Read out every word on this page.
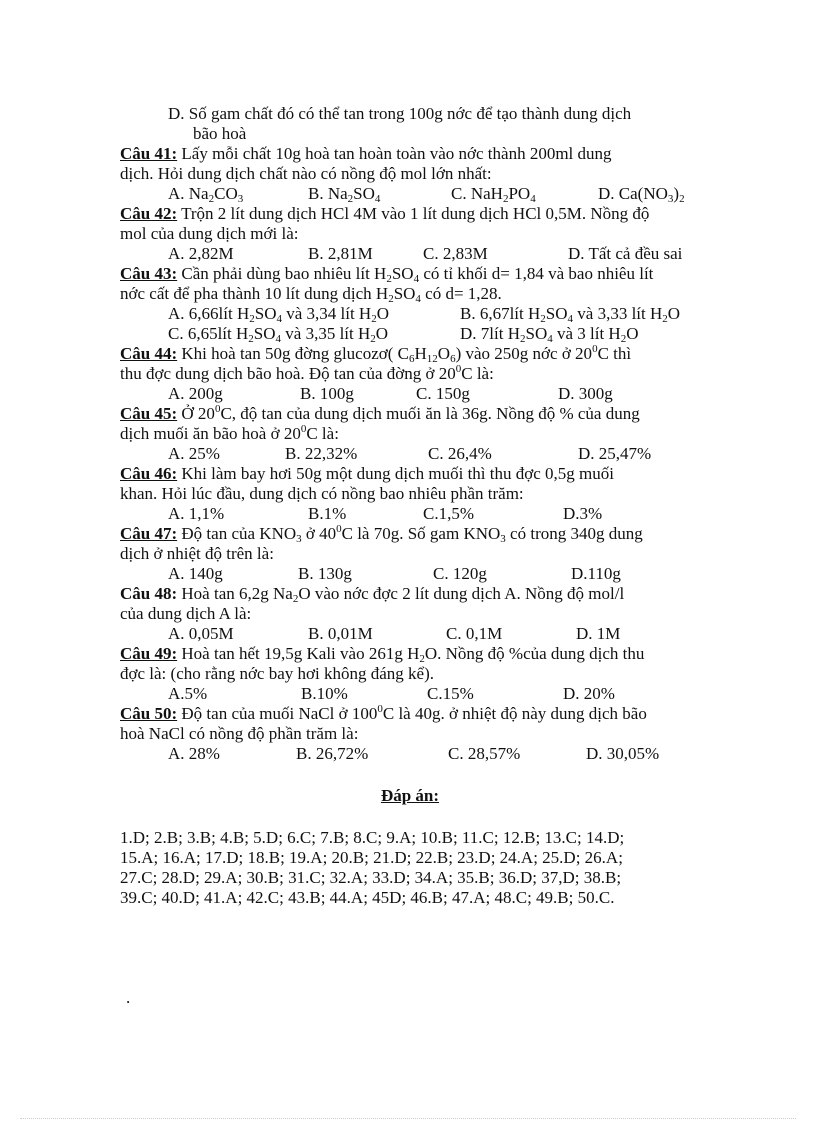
D. Số gam chất đó có thể tan trong 100g nớc để tạo thành dung dịch
bão hoà
Câu 41: Lấy mỗi chất 10g hoà tan hoàn toàn vào nớc thành 200ml dung
dịch. Hỏi dung dịch chất nào có nồng độ mol lớn nhất:
A. $Na_2CO_3$	B. $Na_2SO_4$	C. $NaH_2PO_4$	D. $Ca(NO_3)_2$
Câu 42: Trộn 2 lít dung dịch HCl 4M vào 1 lít dung dịch HCl 0,5M. Nồng độ
mol của dung dịch mới là:
A. 2,82M	B. 2,81M	C. 2,83M	D. Tất cả đều sai
Câu 43: Cần phải dùng bao nhiêu lít $H_2SO_4$ có tỉ khối d= 1,84 và bao nhiêu lít
nớc cất để pha thành 10 lít dung dịch $H_2SO_4$ có d= 1,28.
A. 6,66lít $H_2SO_4$ và 3,34 lít $H_2O$	B. 6,67lít $H_2SO_4$ và 3,33 lít $H_2O$
C. 6,65lít $H_2SO_4$ và 3,35 lít $H_2O$	D. 7lít $H_2SO_4$ và 3 lít $H_2O$
Câu 44: Khi hoà tan 50g đờng glucozơ( $C_6H_{12}O_6$) vào 250g nớc ở $20^0C$ thì
thu đợc dung dịch bão hoà. Độ tan của đờng ở $20^0C$ là:
A. 200g	B. 100g	C. 150g	D. 300g
Câu 45: Ở $20^0C$, độ tan của dung dịch muối ăn là 36g. Nồng độ % của dung
dịch muối ăn bão hoà ở $20^0C$ là:
A. 25%	B. 22,32%	C. 26,4%	D. 25,47%
Câu 46: Khi làm bay hơi 50g một dung dịch muối thì thu đợc 0,5g muối
khan. Hỏi lúc đầu, dung dịch có nồng bao nhiêu phần trăm:
A. 1,1%	B.1%	C.1,5%	D.3%
Câu 47: Độ tan của $KNO_3$ ở $40^0C$ là 70g. Số gam $KNO_3$ có trong 340g dung
dịch ở nhiệt độ trên là:
A. 140g	B. 130g	C. 120g	D.110g
Câu 48: Hoà tan 6,2g $Na_2O$ vào nớc đợc 2 lít dung dịch A. Nồng độ mol/l
của dung dịch A là:
A. 0,05M	B. 0,01M	C. 0,1M	D. 1M
Câu 49: Hoà tan hết 19,5g Kali vào 261g $H_2O$. Nồng độ %của dung dịch thu
đợc là: (cho rằng nớc bay hơi không đáng kể).
A.5%	B.10%	C.15%	D. 20%
Câu 50: Độ tan của muối NaCl ở $100^0C$ là 40g. ở nhiệt độ này dung dịch bão
hoà NaCl có nồng độ phần trăm là:
A. 28%	B. 26,72%	C. 28,57%	D. 30,05%
Đáp án:
1.D; 2.B; 3.B; 4.B; 5.D; 6.C; 7.B; 8.C; 9.A; 10.B; 11.C; 12.B; 13.C; 14.D;
15.A; 16.A; 17.D; 18.B; 19.A; 20.B; 21.D; 22.B; 23.D; 24.A; 25.D; 26.A;
27.C; 28.D; 29.A; 30.B; 31.C; 32.A; 33.D; 34.A; 35.B; 36.D; 37,D; 38.B;
39.C; 40.D; 41.A; 42.C; 43.B; 44.A; 45D; 46.B; 47.A; 48.C; 49.B; 50.C.
.
